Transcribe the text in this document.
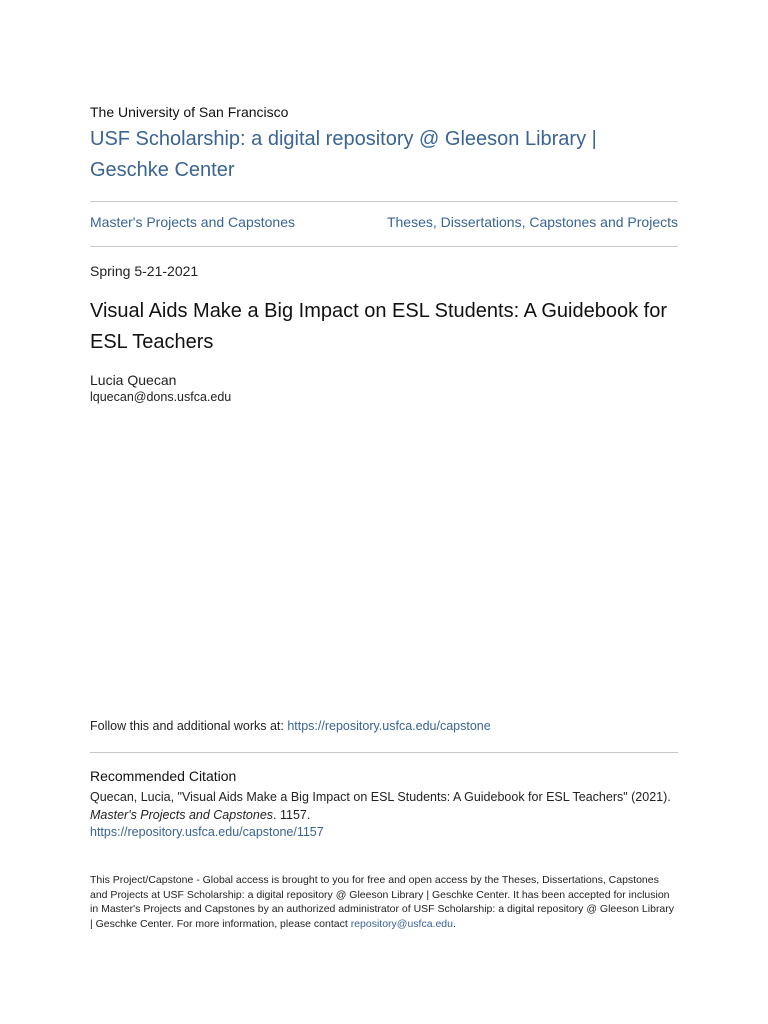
The University of San Francisco
USF Scholarship: a digital repository @ Gleeson Library | Geschke Center
Master's Projects and Capstones	Theses, Dissertations, Capstones and Projects
Spring 5-21-2021
Visual Aids Make a Big Impact on ESL Students: A Guidebook for ESL Teachers
Lucia Quecan
lquecan@dons.usfca.edu
Follow this and additional works at: https://repository.usfca.edu/capstone
Recommended Citation
Quecan, Lucia, "Visual Aids Make a Big Impact on ESL Students: A Guidebook for ESL Teachers" (2021).
Master's Projects and Capstones. 1157.
https://repository.usfca.edu/capstone/1157
This Project/Capstone - Global access is brought to you for free and open access by the Theses, Dissertations, Capstones and Projects at USF Scholarship: a digital repository @ Gleeson Library | Geschke Center. It has been accepted for inclusion in Master's Projects and Capstones by an authorized administrator of USF Scholarship: a digital repository @ Gleeson Library | Geschke Center. For more information, please contact repository@usfca.edu.
